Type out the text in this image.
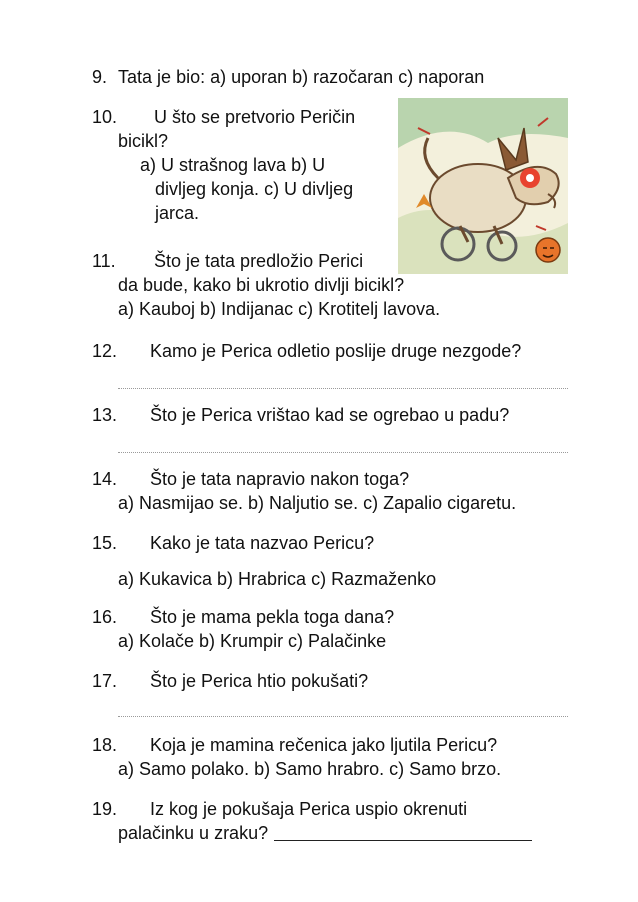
9. Tata je bio: a) uporan b) razočaran c) naporan
10. U što se pretvorio Peričin
bicikl?
a) U strašnog lava b) U
divljeg konja. c) U divljeg
jarca.
11. Što je tata predložio Perici
da bude, kako bi ukrotio divlji bicikl?
a) Kauboj b) Indijanac c) Krotitelj lavova.
12. Kamo je Perica odletio poslije druge nezgode?
13. Što je Perica vrištao kad se ogrebao u padu?
14. Što je tata napravio nakon toga?
a) Nasmijao se. b) Naljutio se. c) Zapalio cigaretu.
15. Kako je tata nazvao Pericu?
a) Kukavica b) Hrabrica c) Razmaženko
16. Što je mama pekla toga dana?
a) Kolače b) Krumpir c) Palačinke
17. Što je Perica htio pokušati?
18. Koja je mamina rečenica jako ljutila Pericu?
a) Samo polako. b) Samo hrabro. c) Samo brzo.
19. Iz kog je pokušaja Perica uspio okrenuti
palačinku u zraku?
